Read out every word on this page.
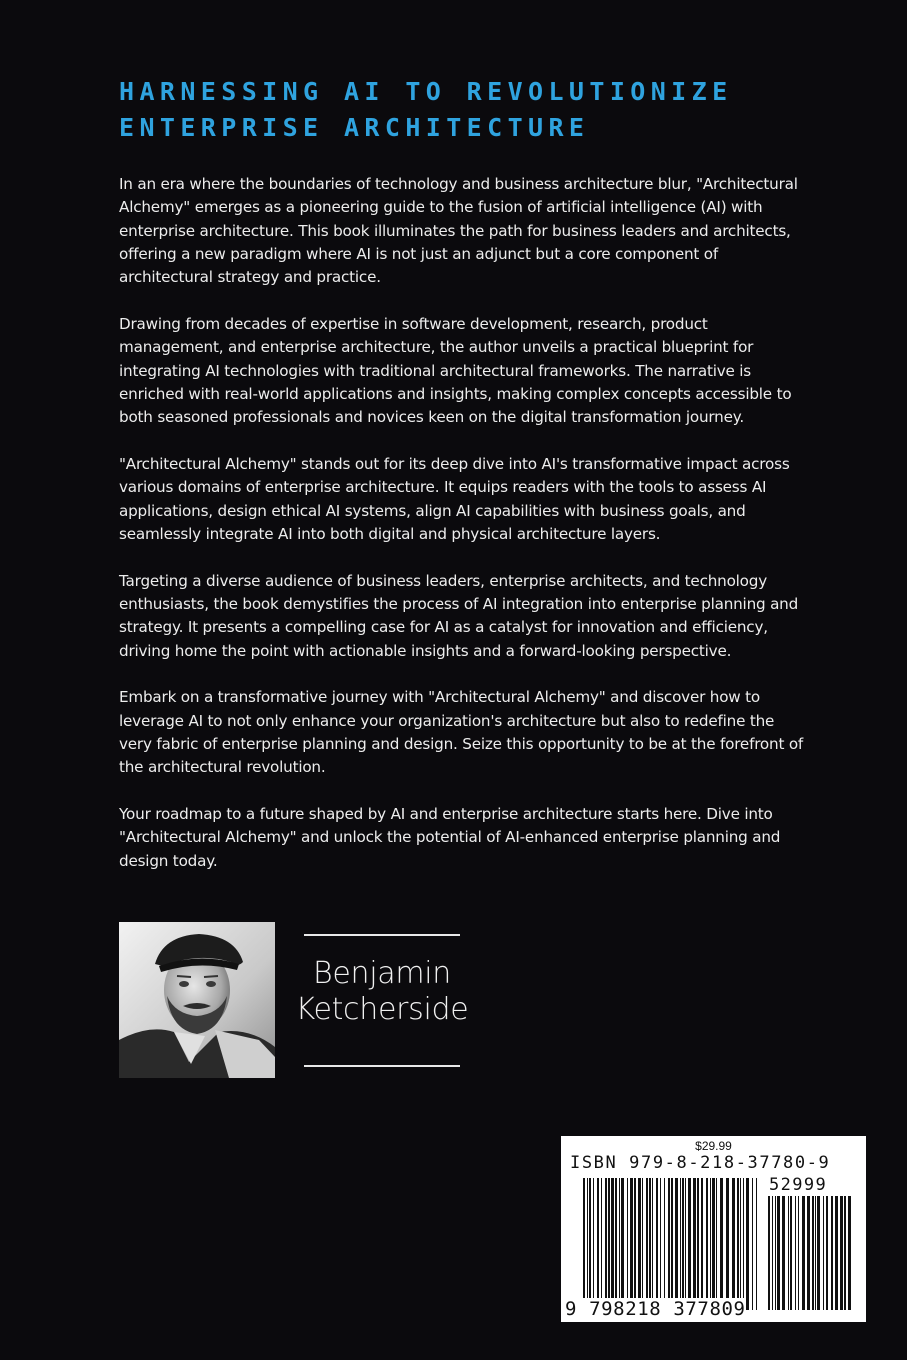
HARNESSING AI TO REVOLUTIONIZE
ENTERPRISE ARCHITECTURE

In an era where the boundaries of technology and business architecture blur, "Architectural Alchemy" emerges as a pioneering guide to the fusion of artificial intelligence (AI) with enterprise architecture. This book illuminates the path for business leaders and architects, offering a new paradigm where AI is not just an adjunct but a core component of architectural strategy and practice.

Drawing from decades of expertise in software development, research, product management, and enterprise architecture, the author unveils a practical blueprint for integrating AI technologies with traditional architectural frameworks. The narrative is enriched with real-world applications and insights, making complex concepts accessible to both seasoned professionals and novices keen on the digital transformation journey.

"Architectural Alchemy" stands out for its deep dive into AI's transformative impact across various domains of enterprise architecture. It equips readers with the tools to assess AI applications, design ethical AI systems, align AI capabilities with business goals, and seamlessly integrate AI into both digital and physical architecture layers.

Targeting a diverse audience of business leaders, enterprise architects, and technology enthusiasts, the book demystifies the process of AI integration into enterprise planning and strategy. It presents a compelling case for AI as a catalyst for innovation and efficiency, driving home the point with actionable insights and a forward-looking perspective.

Embark on a transformative journey with "Architectural Alchemy" and discover how to leverage AI to not only enhance your organization's architecture but also to redefine the very fabric of enterprise planning and design. Seize this opportunity to be at the forefront of the architectural revolution.

Your roadmap to a future shaped by AI and enterprise architecture starts here. Dive into "Architectural Alchemy" and unlock the potential of AI-enhanced enterprise planning and design today.

Benjamin
Ketcherside
$29.99
ISBN 979-8-218-37780-9
52999
9 798218 377809
